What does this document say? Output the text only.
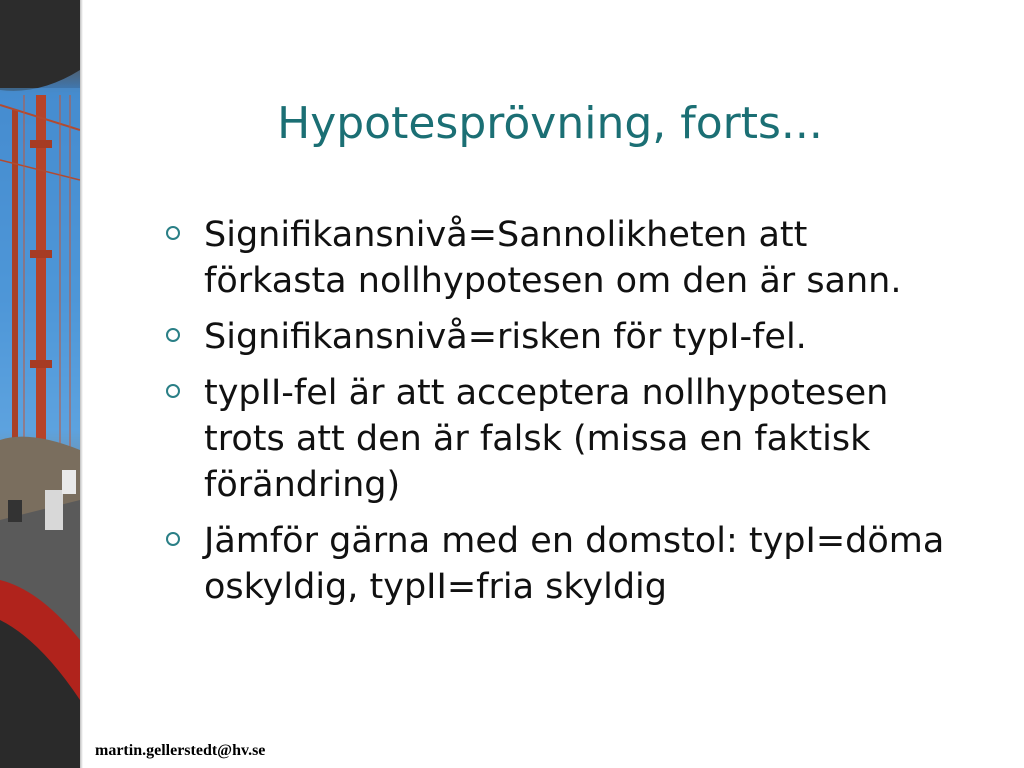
Hypotesprövning, forts...
Signifikansnivå=Sannolikheten att förkasta nollhypotesen om den är sann.
Signifikansnivå=risken för typI-fel.
typII-fel är att acceptera nollhypotesen trots att den är falsk (missa en faktisk förändring)
Jämför gärna med en domstol: typI=döma oskyldig, typII=fria skyldig
martin.gellerstedt@hv.se
